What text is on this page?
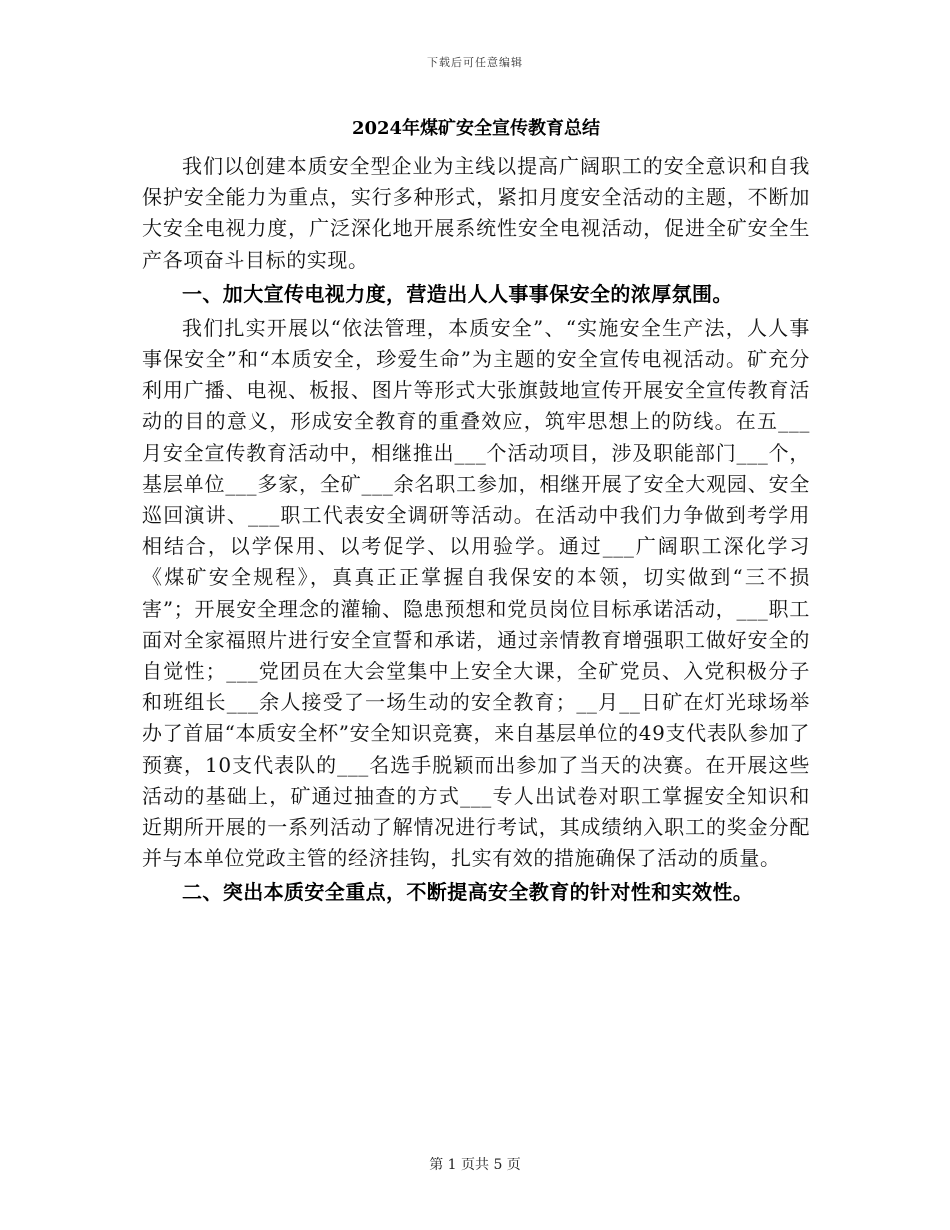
下载后可任意编辑
2024年煤矿安全宣传教育总结

我们以创建本质安全型企业为主线以提高广阔职工的安全意识和自我保护安全能力为重点，实行多种形式，紧扣月度安全活动的主题，不断加大安全电视力度，广泛深化地开展系统性安全电视活动，促进全矿安全生产各项奋斗目标的实现。

一、加大宣传电视力度，营造出人人事事保安全的浓厚氛围。

我们扎实开展以“依法管理，本质安全”、“实施安全生产法，人人事事保安全”和“本质安全，珍爱生命”为主题的安全宣传电视活动。矿充分利用广播、电视、板报、图片等形式大张旗鼓地宣传开展安全宣传教育活动的目的意义，形成安全教育的重叠效应，筑牢思想上的防线。在五___月安全宣传教育活动中，相继推出___个活动项目，涉及职能部门___个，基层单位___多家，全矿___余名职工参加，相继开展了安全大观园、安全巡回演讲、___职工代表安全调研等活动。在活动中我们力争做到考学用相结合，以学保用、以考促学、以用验学。通过___广阔职工深化学习《煤矿安全规程》，真真正正掌握自我保安的本领，切实做到“三不损害”；开展安全理念的灌输、隐患预想和党员岗位目标承诺活动，___职工面对全家福照片进行安全宣誓和承诺，通过亲情教育增强职工做好安全的自觉性；___党团员在大会堂集中上安全大课，全矿党员、入党积极分子和班组长___余人接受了一场生动的安全教育；__月__日矿在灯光球场举办了首届“本质安全杯”安全知识竞赛，来自基层单位的49支代表队参加了预赛，10支代表队的___名选手脱颖而出参加了当天的决赛。在开展这些活动的基础上，矿通过抽查的方式___专人出试卷对职工掌握安全知识和近期所开展的一系列活动了解情况进行考试，其成绩纳入职工的奖金分配并与本单位党政主管的经济挂钩，扎实有效的措施确保了活动的质量。

二、突出本质安全重点，不断提高安全教育的针对性和实效性。

第 1 页共 5 页
